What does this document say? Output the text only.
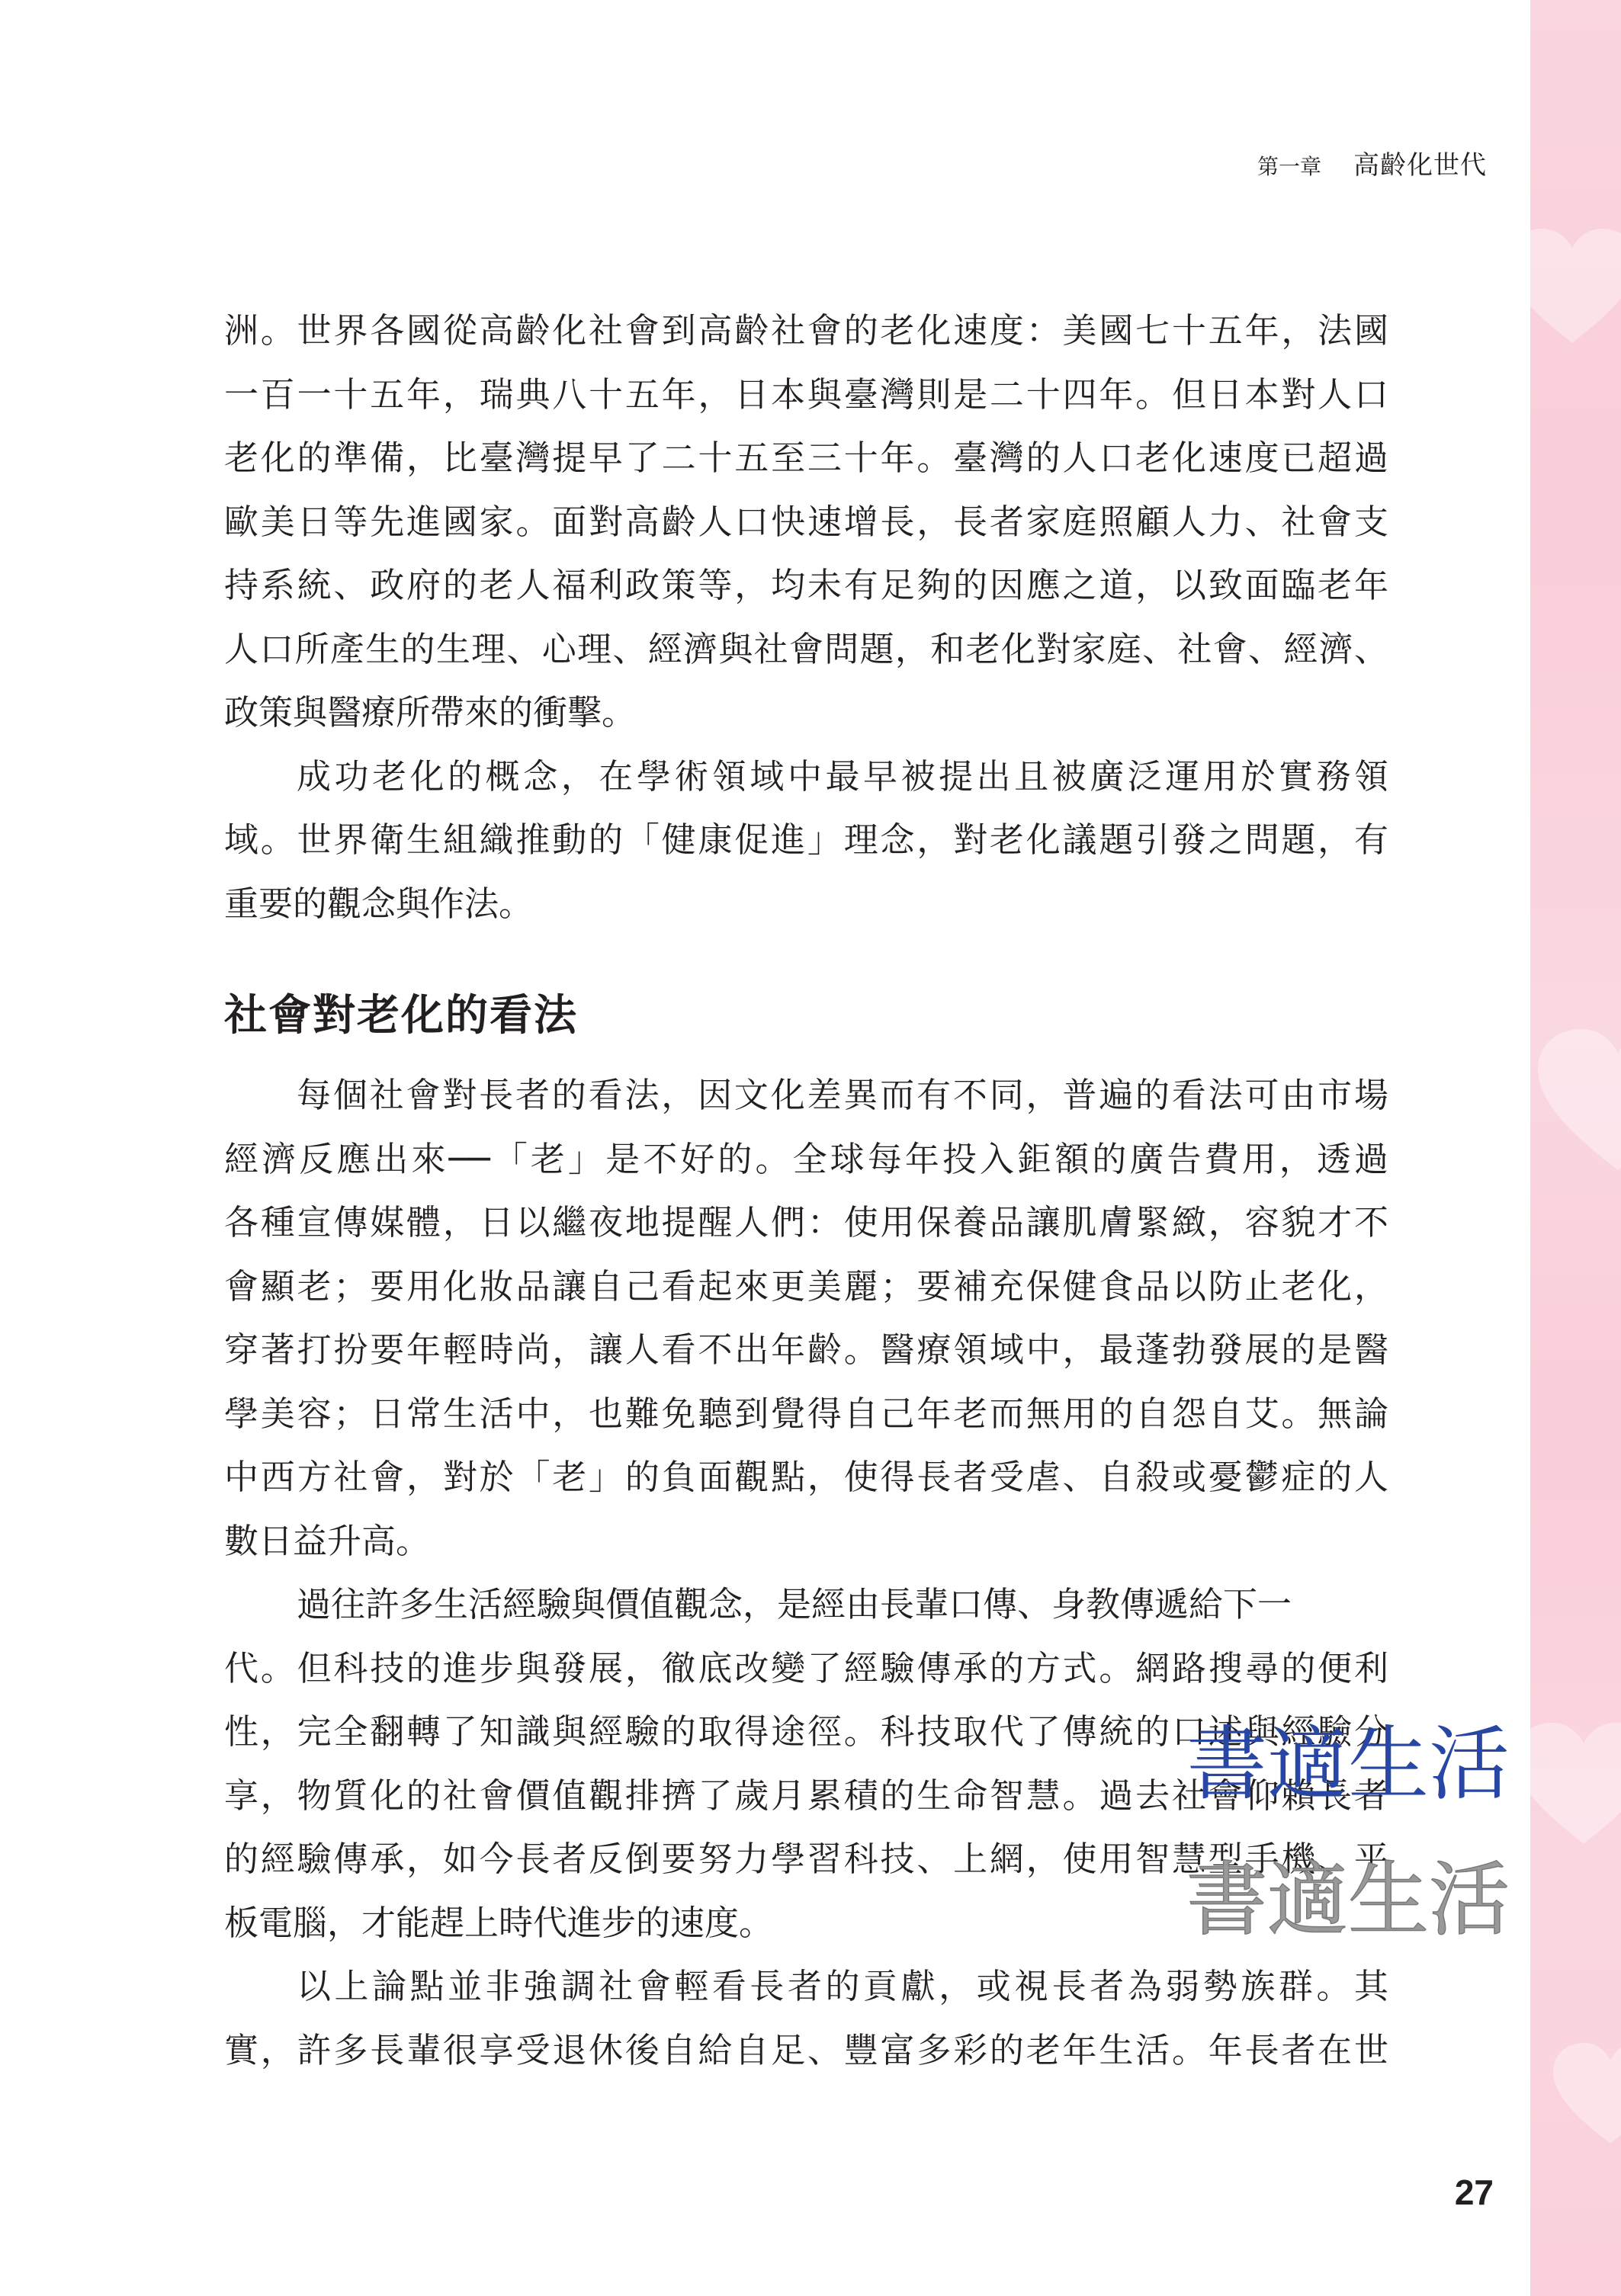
第一章 高齡化世代
洲。世界各國從高齡化社會到高齡社會的老化速度：美國七十五年，法國
一百一十五年，瑞典八十五年，日本與臺灣則是二十四年。但日本對人口
老化的準備，比臺灣提早了二十五至三十年。臺灣的人口老化速度已超過
歐美日等先進國家。面對高齡人口快速增長，長者家庭照顧人力、社會支
持系統、政府的老人福利政策等，均未有足夠的因應之道，以致面臨老年
人口所產生的生理、心理、經濟與社會問題，和老化對家庭、社會、經濟、
政策與醫療所帶來的衝擊。
成功老化的概念，在學術領域中最早被提出且被廣泛運用於實務領
域。世界衛生組織推動的「健康促進」理念，對老化議題引發之問題，有
重要的觀念與作法。
社會對老化的看法
每個社會對長者的看法，因文化差異而有不同，普遍的看法可由市場
經濟反應出來──「老」是不好的。全球每年投入鉅額的廣告費用，透過
各種宣傳媒體，日以繼夜地提醒人們：使用保養品讓肌膚緊緻，容貌才不
會顯老；要用化妝品讓自己看起來更美麗；要補充保健食品以防止老化，
穿著打扮要年輕時尚，讓人看不出年齡。醫療領域中，最蓬勃發展的是醫
學美容；日常生活中，也難免聽到覺得自己年老而無用的自怨自艾。無論
中西方社會，對於「老」的負面觀點，使得長者受虐、自殺或憂鬱症的人
數日益升高。
過往許多生活經驗與價值觀念，是經由長輩口傳、身教傳遞給下一
代。但科技的進步與發展，徹底改變了經驗傳承的方式。網路搜尋的便利
性，完全翻轉了知識與經驗的取得途徑。科技取代了傳統的口述與經驗分
享，物質化的社會價值觀排擠了歲月累積的生命智慧。過去社會仰賴長者
的經驗傳承，如今長者反倒要努力學習科技、上網，使用智慧型手機、平
板電腦，才能趕上時代進步的速度。
以上論點並非強調社會輕看長者的貢獻，或視長者為弱勢族群。其
實，許多長輩很享受退休後自給自足、豐富多彩的老年生活。年長者在世
書適生活
書適生活
27
